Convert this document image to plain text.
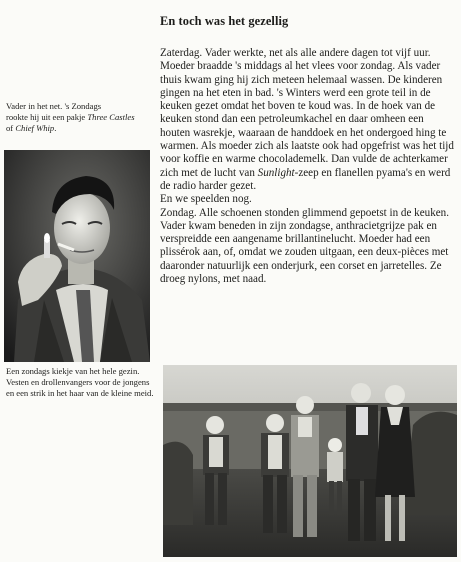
En toch was het gezellig
Vader in het net. 's Zondags
rookte hij uit een pakje Three Castles
of Chief Whip.
Een zondags kiekje van het hele gezin. Vesten en drollenvangers voor de jongens en een strik in het haar van de kleine meid.

Zaterdag. Vader werkte, net als alle andere dagen tot vijf uur. Moeder braadde 's middags al het vlees voor zondag. Als vader thuis kwam ging hij zich meteen helemaal wassen. De kinderen gingen na het eten in bad. 's Winters werd een grote teil in de keuken gezet omdat het boven te koud was. In de hoek van de keuken stond dan een petroleumkachel en daar omheen een houten wasrekje, waaraan de handdoek en het ondergoed hing te warmen. Als moeder zich als laatste ook had opgefrist was het tijd voor koffie en warme chocolademelk. Dan vulde de achterkamer zich met de lucht van Sunlight-zeep en flanellen pyama's en werd de radio harder gezet.

En we speelden nog.

Zondag. Alle schoenen stonden glimmend gepoetst in de keuken. Vader kwam beneden in zijn zondagse, anthracietgrijze pak en verspreidde een aangename brillantinelucht. Moeder had een plissérok aan, of, omdat we zouden uitgaan, een deux-pièces met daaronder natuurlijk een onderjurk, een corset en jarretelles. Ze droeg nylons, met naad.
